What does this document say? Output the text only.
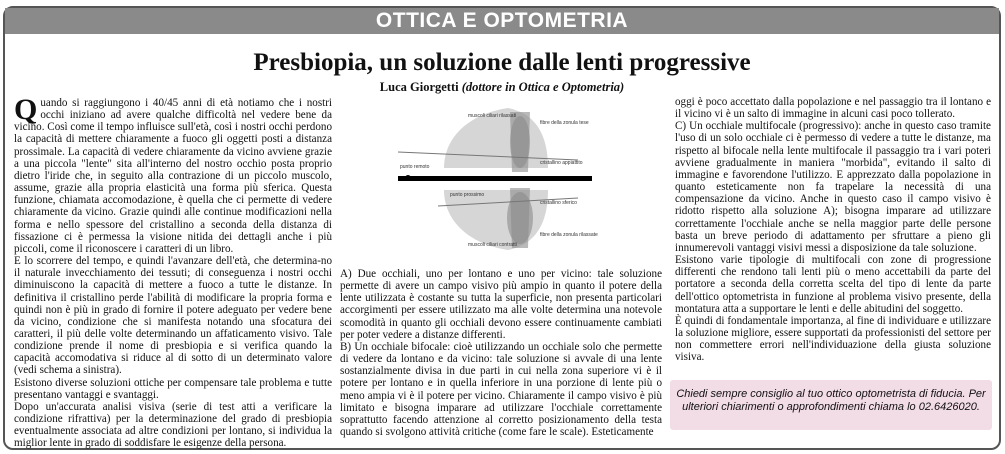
OTTICA E OPTOMETRIA
Presbiopia, un soluzione dalle lenti progressive
Luca Giorgetti (dottore in Ottica e Optometria)
Quando si raggiungono i 40/45 anni di età notiamo che i nostri occhi iniziano ad avere qualche difficoltà nel vedere bene da vicino. Così come il tempo influisce sull'età, così i nostri occhi perdono la capacità di mettere chiaramente a fuoco gli oggetti posti a distanza prossimale. La capacità di vedere chiaramente da vicino avviene grazie a una piccola "lente" sita all'interno del nostro occhio posta proprio dietro l'iride che, in seguito alla contrazione di un piccolo muscolo, assume, grazie alla propria elasticità una forma più sferica. Questa funzione, chiamata accomodazione, è quella che ci permette di vedere chiaramente da vicino. Grazie quindi alle continue modificazioni nella forma e nello spessore del cristallino a seconda della distanza di fissazione ci è permessa la visione nitida dei dettagli anche i più piccoli, come il riconoscere i caratteri di un libro.
E lo scorrere del tempo, e quindi l'avanzare dell'età, che determina-no il naturale invecchiamento dei tessuti; di conseguenza i nostri occhi diminuiscono la capacità di mettere a fuoco a tutte le distanze. In definitiva il cristallino perde l'abilità di modificare la propria forma e quindi non è più in grado di fornire il potere adeguato per vedere bene da vicino, condizione che si manifesta notando una sfocatura dei caratteri, il più delle volte determinando un affaticamento visivo. Tale condizione prende il nome di presbiopia e si verifica quando la capacità accomodativa si riduce al di sotto di un determinato valore (vedi schema a sinistra).
Esistono diverse soluzioni ottiche per compensare tale problema e tutte presentano vantaggi e svantaggi.
Dopo un'accurata analisi visiva (serie di test atti a verificare la condizione rifrattiva) per la determinazione del grado di presbiopia eventualmente associata ad altre condizioni per lontano, si individua la miglior lente in grado di soddisfare le esigenze della persona.
muscoli ciliari rilassati
fibre della zonula tese
cristallino appiattito
punto remoto
punto prossimo
cristallino sferico
fibre della zonula rilassate
muscoli ciliari contratti
A) Due occhiali, uno per lontano e uno per vicino: tale soluzione permette di avere un campo visivo più ampio in quanto il potere della lente utilizzata è costante su tutta la superficie, non presenta particolari accorgimenti per essere utilizzato ma alle volte determina una notevole scomodità in quanto gli occhiali devono essere continuamente cambiati per poter vedere a distanze differenti.
B) Un occhiale bifocale: cioè utilizzando un occhiale solo che permette di vedere da lontano e da vicino: tale soluzione si avvale di una lente sostanzialmente divisa in due parti in cui nella zona superiore vi è il potere per lontano e in quella inferiore in una porzione di lente più o meno ampia vi è il potere per vicino. Chiaramente il campo visivo è più limitato e bisogna imparare ad utilizzare l'occhiale correttamente soprattutto facendo attenzione al corretto posizionamento della testa quando si svolgono attività critiche (come fare le scale). Esteticamente
oggi è poco accettato dalla popolazione e nel passaggio tra il lontano e il vicino vi è un salto di immagine in alcuni casi poco tollerato.
C) Un occhiale multifocale (progressivo): anche in questo caso tramite l'uso di un solo occhiale ci è permesso di vedere a tutte le distanze, ma rispetto al bifocale nella lente multifocale il passaggio tra i vari poteri avviene gradualmente in maniera "morbida", evitando il salto di immagine e favorendone l'utilizzo. E apprezzato dalla popolazione in quanto esteticamente non fa trapelare la necessità di una compensazione da vicino. Anche in questo caso il campo visivo è ridotto rispetto alla soluzione A); bisogna imparare ad utilizzare correttamente l'occhiale anche se nella maggior parte delle persone basta un breve periodo di adattamento per sfruttare a pieno gli innumerevoli vantaggi visivi messi a disposizione da tale soluzione.
Esistono varie tipologie di multifocali con zone di progressione differenti che rendono tali lenti più o meno accettabili da parte del portatore a seconda della corretta scelta del tipo di lente da parte dell'ottico optometrista in funzione al problema visivo presente, della montatura atta a supportare le lenti e delle abitudini del soggetto.
È quindi di fondamentale importanza, al fine di individuare e utilizzare la soluzione migliore, essere supportati da professionisti del settore per non commettere errori nell'individuazione della giusta soluzione visiva.
Chiedi sempre consiglio al tuo ottico optometrista di fiducia. Per ulteriori chiarimenti o approfondimenti chiama lo 02.6426020.
